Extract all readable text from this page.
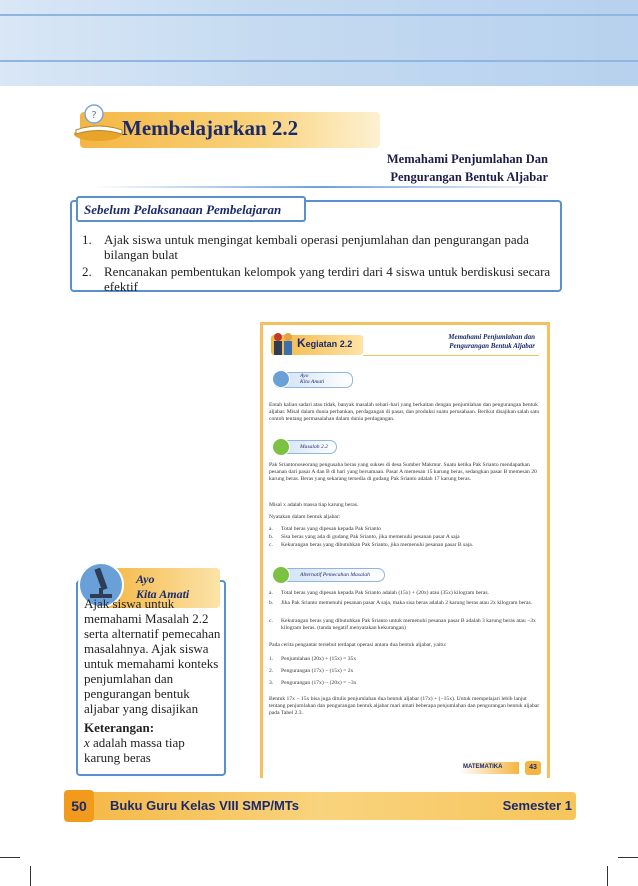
?
Membelajarkan 2.2
Memahami Penjumlahan Dan
Pengurangan Bentuk Aljabar
Sebelum Pelaksanaan Pembelajaran
1. Ajak siswa untuk mengingat kembali operasi penjumlahan dan pengurangan pada bilangan bulat
2. Rencanakan pembentukan kelompok yang terdiri dari 4 siswa untuk berdiskusi secara efektif
Ayo
Kita Amati
Ajak siswa untuk memahami Masalah 2.2 serta alternatif pemecahan masalahnya. Ajak siswa untuk memahami konteks penjumlahan dan pengurangan bentuk aljabar yang disajikan
Keterangan:
x adalah massa tiap karung beras
Kegiatan 2.2
Memahami Penjumlahan dan
Pengurangan Bentuk Aljabar
Ayo
Kita Amati

Entah kalian sadari atau tidak, banyak masalah sehari-hari yang berkaitan dengan penjumlahan dan pengurangan bentuk aljabar. Misal dalam dunia perbankan, perdagangan di pasar, dan produksi suatu perusahaan. Berikut disajikan salah satu contoh tentang permasalahan dalam dunia perdagangan.

Masalah 2.2

Pak Sriantonoseorang pengusaha beras yang sukses di desa Sumber Makmur. Suatu ketika Pak Srianto mendapatkan pesanan dari pasar A dan B di hari yang bersamaan. Pasar A memesan 15 karung beras, sedangkan pasar B memesan 20 karung beras. Beras yang sekarang tersedia di gudang Pak Srianto adalah 17 karung beras.

Misal x adalah massa tiap karung beras.

Nyatakan dalam bentuk aljabar:

a.	Total beras yang dipesan kepada Pak Srianto
b.	Sisa beras yang ada di gudang Pak Srianto, jika memenuhi pesanan pasar A saja
c.	Kekurangan beras yang dibutuhkan Pak Srianto, jika memenuhi pesanan pasar B saja.
Alternatif Pemecahan Masalah
a.	Total beras yang dipesan kepada Pak Srianto adalah (15x) + (20x) atau (35x) kilogram beras.
b.	Jika Pak Srianto memenuhi pesanan pasar A saja, maka sisa beras adalah 2 karung beras atau 2x kilogram beras.
c.	Kekurangan beras yang dibutuhkan Pak Srianto untuk memenuhi pesanan pasar B adalah 3 karung beras atau −3x kilogram beras. (tanda negatif menyatakan kekurangan)

Pada cerita pengantar tersebut terdapat operasi antara dua bentuk aljabar, yaitu:

1.	Penjumlahan (20x) + (15x) = 35x
2.	Pengurangan (17x) − (15x) = 2x
3.	Pengurangan (17x) − (20x) = −3x

Bentuk 17x − 15x bisa juga ditulis penjumlahan dua bentuk aljabar (17x) + (−15x). Untuk mempelajari lebih lanjut tentang penjumlahan dan pengurangan bentuk aljabar mari amati beberapa penjumlahan dan pengurangan bentuk aljabar pada Tabel 2.3.

MATEMATIKA	43
50	Buku Guru Kelas VIII SMP/MTs	Semester 1
